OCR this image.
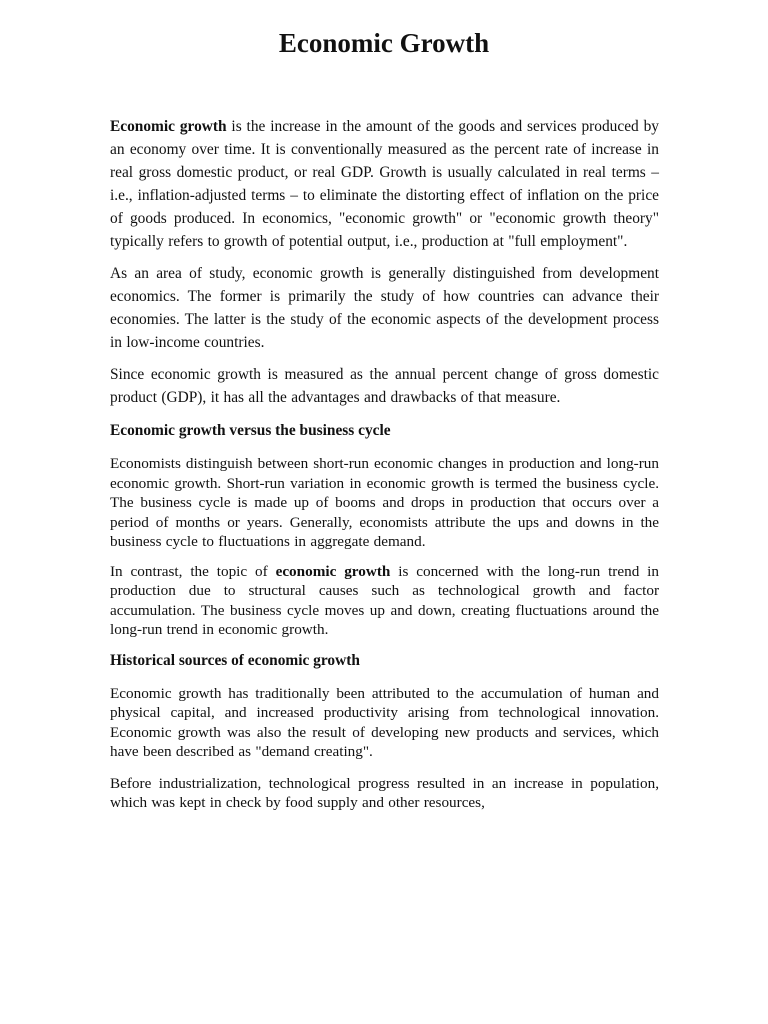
Economic Growth

Economic growth is the increase in the amount of the goods and services produced by an economy over time. It is conventionally measured as the percent rate of increase in real gross domestic product, or real GDP. Growth is usually calculated in real terms – i.e., inflation-adjusted terms – to eliminate the distorting effect of inflation on the price of goods produced. In economics, "economic growth" or "economic growth theory" typically refers to growth of potential output, i.e., production at "full employment".

As an area of study, economic growth is generally distinguished from development economics. The former is primarily the study of how countries can advance their economies. The latter is the study of the economic aspects of the development process in low-income countries.

Since economic growth is measured as the annual percent change of gross domestic product (GDP), it has all the advantages and drawbacks of that measure.

Economic growth versus the business cycle

Economists distinguish between short-run economic changes in production and long-run economic growth. Short-run variation in economic growth is termed the business cycle. The business cycle is made up of booms and drops in production that occurs over a period of months or years. Generally, economists attribute the ups and downs in the business cycle to fluctuations in aggregate demand.

In contrast, the topic of economic growth is concerned with the long-run trend in production due to structural causes such as technological growth and factor accumulation. The business cycle moves up and down, creating fluctuations around the long-run trend in economic growth.

Historical sources of economic growth

Economic growth has traditionally been attributed to the accumulation of human and physical capital, and increased productivity arising from technological innovation. Economic growth was also the result of developing new products and services, which have been described as "demand creating".

Before industrialization, technological progress resulted in an increase in population, which was kept in check by food supply and other resources,
